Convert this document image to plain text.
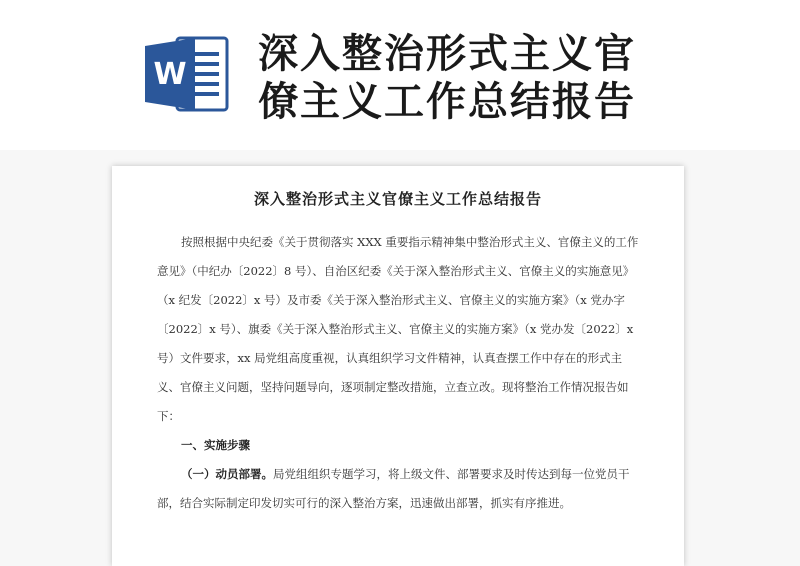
W 深入整治形式主义官
僚主义工作总结报告
深入整治形式主义官僚主义工作总结报告
按照根据中央纪委《关于贯彻落实 XXX 重要指示精神集中整治形式主义、官僚主义的工作
意见》（中纪办〔2022〕8 号）、自治区纪委《关于深入整治形式主义、官僚主义的实施意见》
（x 纪发〔2022〕x 号）及市委《关于深入整治形式主义、官僚主义的实施方案》（x 党办字
〔2022〕x 号）、旗委《关于深入整治形式主义、官僚主义的实施方案》（x 党办发〔2022〕x
号）文件要求，xx 局党组高度重视，认真组织学习文件精神，认真查摆工作中存在的形式主
义、官僚主义问题，坚持问题导向，逐项制定整改措施，立查立改。现将整治工作情况报告如
下：
一、实施步骤
（一）动员部署。局党组组织专题学习，将上级文件、部署要求及时传达到每一位党员干
部，结合实际制定印发切实可行的深入整治方案，迅速做出部署，抓实有序推进。
